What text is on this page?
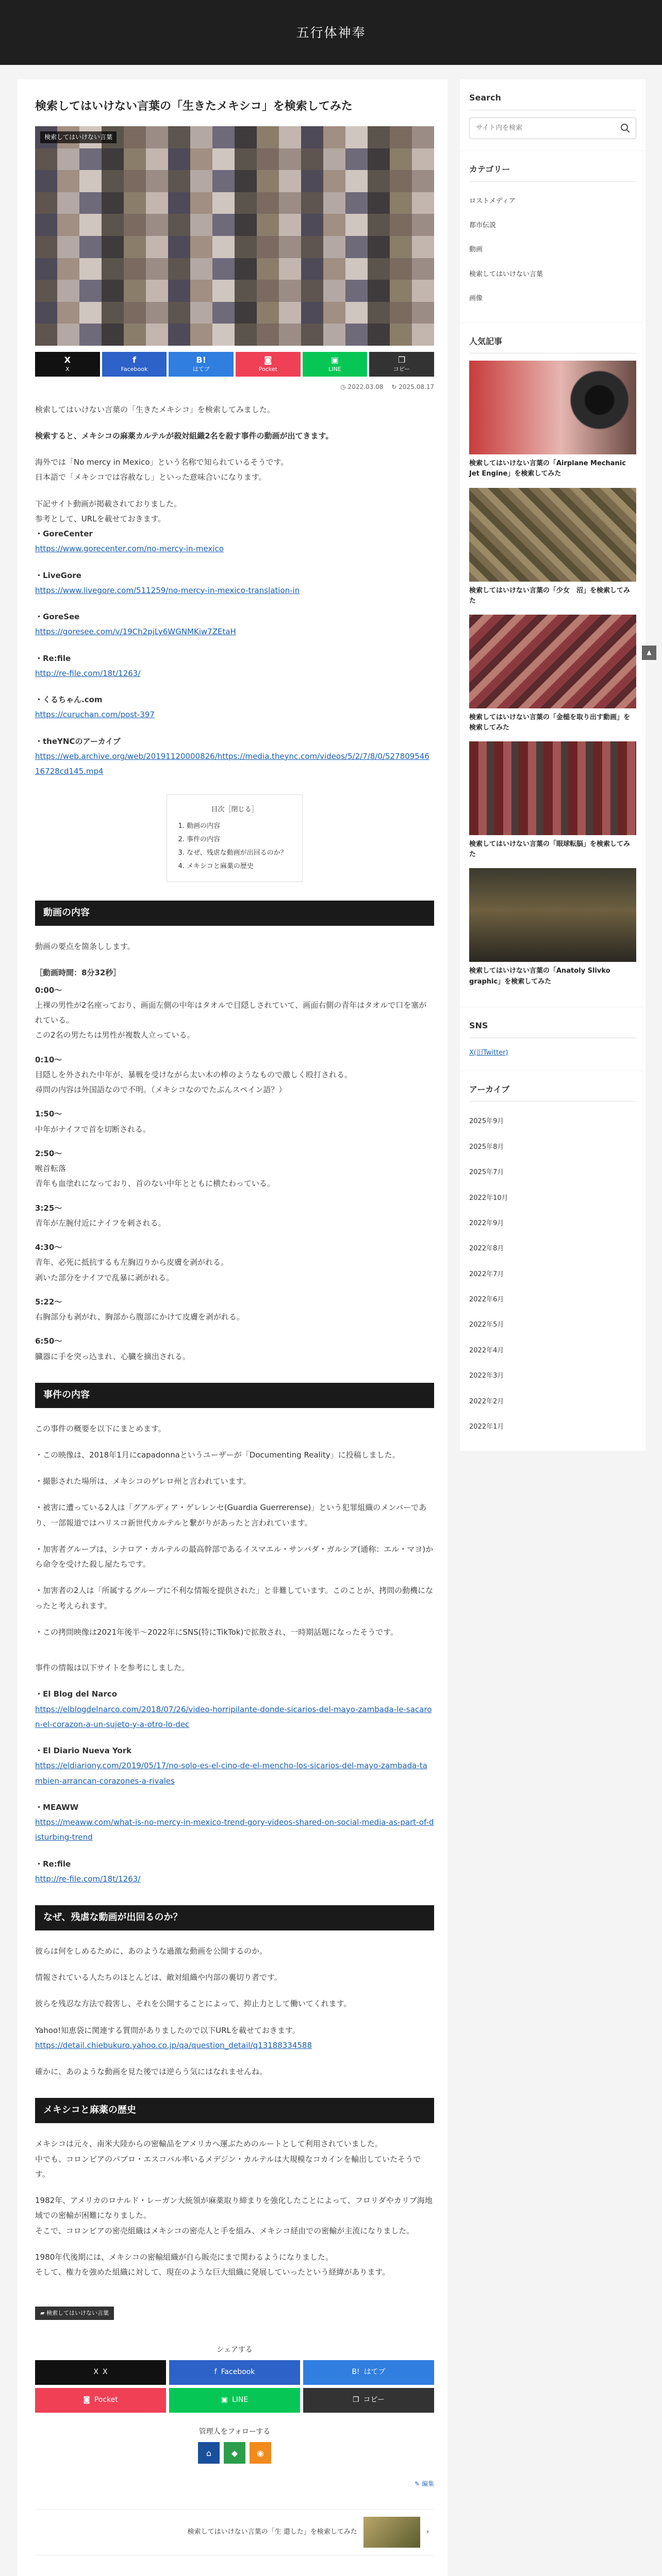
五行体神奉
検索してはいけない言葉の「生きたメキシコ」を検索してみた
検索してはいけない言葉
X
X
f
Facebook
B!
はてブ
◙
Pocket
▣
LINE
❐
コピー
◷ 2022.03.08 ↻ 2025.08.17

検索してはいけない言葉の「生きたメキシコ」を検索してみました。

検索すると、メキシコの麻薬カルテルが殺対組織2名を殺す事件の動画が出てきます。

海外では「No mercy in Mexico」という名称で知られているそうです。
日本語で「メキシコでは容赦なし」といった意味合いになります。

下記サイト動画が掲載されておりました。
参考として、URLを載せておきます。

・GoreCenter
https://www.gorecenter.com/no-mercy-in-mexico
・LiveGore
https://www.livegore.com/511259/no-mercy-in-mexico-translation-in
・GoreSee
https://goresee.com/v/19Ch2pjLy6WGNMKiw7ZEtaH
・Re:file
http://re-file.com/18t/1263/
・くるちゃん.com
https://curuchan.com/post-397
・theYNCのアーカイブ
https://web.archive.org/web/20191120000826/https://media.theync.com/videos/5/2/7/8/0/52780954616728cd145.mp4
目次［閉じる］
1. 動画の内容
2. 事件の内容
3. なぜ、残虐な動画が出回るのか？
4. メキシコと麻薬の歴史
動画の内容

動画の要点を箇条しします。

［動画時間：8分32秒］

0:00〜
上裸の男性が2名座っており、画面左側の中年はタオルで目隠しされていて、画面右側の青年はタオルで口を塞がれている。
この2名の男たちは男性が複数人立っている。

0:10〜
目隠しを外された中年が、暴戦を受けながら太い木の棒のようなもので激しく殴打される。
尋問の内容は外国語なので不明。（メキシコなのでたぶんスペイン語？）

1:50〜
中年がナイフで首を切断される。

2:50〜
喉首転落
青年も血塗れになっており、首のない中年とともに横たわっている。

3:25〜
青年が左腕付近にナイフを刺される。

4:30〜
青年、必死に抵抗するも左胸辺りから皮膚を剥がれる。
剥いた部分をナイフで乱暴に剥がれる。

5:22〜
右胸部分も剥がれ、胸部から腹部にかけて皮膚を剥がれる。

6:50〜
臓器に手を突っ込まれ、心臓を摘出される。

事件の内容

この事件の概要を以下にまとめます。

・この映像は、2018年1月にcapadonnaというユーザーが「Documenting Reality」に投稿しました。

・撮影された場所は、メキシコのゲレロ州と言われています。

・被害に遭っている2人は「グアルディア・ゲレレンセ(Guardia Guerrerense)」という犯罪組織のメンバーであり、一部報道ではハリスコ新世代カルテルと繋がりがあったと言われています。

・加害者グループは、シナロア・カルテルの最高幹部であるイスマエル・サンバダ・ガルシア(通称：エル・マヨ)から命令を受けた殺し屋たちです。

・加害者の2人は「所属するグループに不利な情報を提供された」と非難しています。このことが、拷問の動機になったと考えられます。

・この拷問映像は2021年後半〜2022年にSNS(特にTikTok)で拡散され、一時期話題になったそうです。

事件の情報は以下サイトを参考にしました。

・El Blog del Narco
https://elblogdelnarco.com/2018/07/26/video-horripilante-donde-sicarios-del-mayo-zambada-le-sacaron-el-corazon-a-un-sujeto-y-a-otro-lo-dec
・El Diario Nueva York
https://eldiariony.com/2019/05/17/no-solo-es-el-cino-de-el-mencho-los-sicarios-del-mayo-zambada-tambien-arrancan-corazones-a-rivales
・MEAWW
https://meaww.com/what-is-no-mercy-in-mexico-trend-gory-videos-shared-on-social-media-as-part-of-disturbing-trend
・Re:file
http://re-file.com/18t/1263/
なぜ、残虐な動画が出回るのか？

彼らは何をしめるために、あのような過激な動画を公開するのか。

情報されている人たちのほとんどは、敵対組織や内部の裏切り者です。

彼らを残忍な方法で殺害し、それを公開することによって、抑止力として働いてくれます。

Yahoo!知恵袋に関連する質問がありましたので以下URLを載せておきます。
https://detail.chiebukuro.yahoo.co.jp/qa/question_detail/q13188334588

確かに、あのような動画を見た後では逆らう気にはなれませんね。

メキシコと麻薬の歴史

メキシコは元々、南米大陸からの密輸品をアメリカへ運ぶためのルートとして利用されていました。
中でも、コロンビアのパブロ・エスコバル率いるメデジン・カルテルは大規模なコカインを輸出していたそうです。

1982年、アメリカのロナルド・レーガン大統領が麻薬取り締まりを強化したことによって、フロリダやカリブ海地域での密輸が困難になりました。
そこで、コロンビアの密売組織はメキシコの密売人と手を組み、メキシコ経由での密輸が主流になりました。

1980年代後期には、メキシコの密輸組織が自ら販売にまで関わるようになりました。
そして、権力を強めた組織に対して、現在のような巨大組織に発展していったという経緯があります。

▰ 検索してはいけない言葉
シェアする
X X	f Facebook	B! はてブ
◙ Pocket	▣ LINE	❐ コピー
管理人をフォローする
⌂	◆	◉
✎ 編集
検索してはいけない言葉の「生 還した」を検索してみた	›
Search
サイト内を検索
カテゴリー
ロストメディア
都市伝説
動画
検索してはいけない言葉
画像
人気記事
検索してはいけない言葉の「Airplane Mechanic Jet Engine」を検索してみた
検索してはいけない言葉の「少女　沼」を検索してみた
検索してはいけない言葉の「金槌を取り出す動画」を検索してみた
検索してはいけない言葉の「眼球転脳」を検索してみた
検索してはいけない言葉の「Anatoly Slivko graphic」を検索してみた
SNS
X(旧Twitter)
アーカイブ
2025年9月
2025年8月
2025年7月
2022年10月
2022年9月
2022年8月
2022年7月
2022年6月
2022年5月
2022年4月
2022年3月
2022年2月
2022年1月
▲
